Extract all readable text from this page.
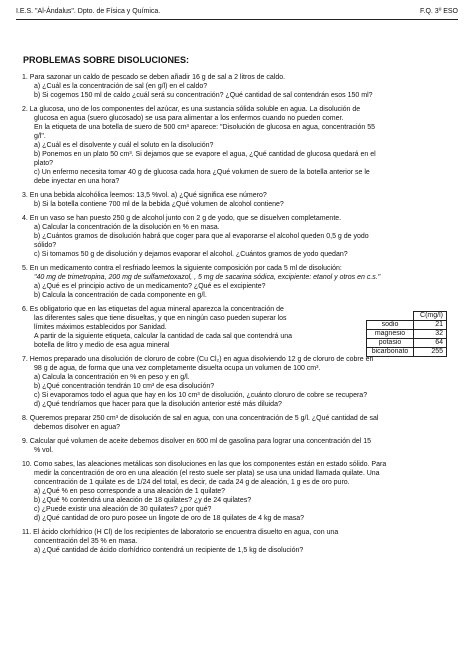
I.E.S. "Al-Ándalus". Dpto. de Física y Química.	F.Q. 3º ESO
PROBLEMAS SOBRE DISOLUCIONES:
1. Para sazonar un caldo de pescado se deben añadir 16 g de sal a 2 litros de caldo.
a) ¿Cuál es la concentración de sal (en g/l) en el caldo?
b) Si cogemos 150 ml de caldo ¿cuál será su concentración? ¿Qué cantidad de sal contendrán esos 150 ml?
2. La glucosa, uno de los componentes del azúcar, es una sustancia sólida soluble en agua. La disolución de
glucosa en agua (suero glucosado) se usa para alimentar a los enfermos cuando no pueden comer.
En la etiqueta de una botella de suero de 500 cm³ aparece: "Disolución de glucosa en agua, concentración 55
g/l".
a) ¿Cuál es el disolvente y cuál el soluto en la disolución?
b) Ponemos en un plato 50 cm³. Si dejamos que se evapore el agua, ¿Qué cantidad de glucosa quedará en el
plato?
c) Un enfermo necesita tomar 40 g de glucosa cada hora ¿Qué volumen de suero de la botella anterior se le
debe inyectar en una hora?
3. En una bebida alcohólica leemos: 13,5 %vol. a) ¿Qué significa ese número?
b) Si la botella contiene 700 ml de la bebida ¿Qué volumen de alcohol contiene?
4. En un vaso se han puesto 250 g de alcohol junto con 2 g de yodo, que se disuelven completamente.
a) Calcular la concentración de la disolución en % en masa.
b) ¿Cuántos gramos de disolución habrá que coger para que al evaporarse el alcohol queden 0,5 g de yodo
sólido?
c) Si tomamos 50 g de disolución y dejamos evaporar el alcohol. ¿Cuántos gramos de yodo quedan?
5. En un medicamento contra el resfriado leemos la siguiente composición por cada 5 ml de disolución:
"40 mg de trimetropina, 200 mg de sulfametoxazol, , 5 mg de sacarina sódica, excipiente: etanol y otros en c.s."
a) ¿Qué es el principio activo de un medicamento? ¿Qué es el excipiente?
b) Calcula la concentración de cada componente en g/l.
6. Es obligatorio que en las etiquetas del agua mineral aparezca la concentración de
las diferentes sales que tiene disueltas, y que en ningún caso pueden superar los
límites máximos establecidos por Sanidad.
A partir de la siguiente etiqueta, calcular la cantidad de cada sal que contendrá una
botella de litro y medio de esa agua mineral
	C(mg/l)
sodio	21
magnesio	32
potasio	64
bicarbonato	255
7. Hemos preparado una disolución de cloruro de cobre (Cu Cl₂) en agua disolviendo 12 g de cloruro de cobre en
98 g de agua, de forma que una vez completamente disuelta ocupa un volumen de 100 cm³.
a) Calcula la concentración en % en peso y en g/l.
b) ¿Qué concentración tendrán 10 cm³ de esa disolución?
c) Si evaporamos todo el agua que hay en los 10 cm³ de disolución, ¿cuánto cloruro de cobre se recupera?
d) ¿Qué tendríamos que hacer para que la disolución anterior esté más diluida?
8. Queremos preparar 250 cm³ de disolución de sal en agua, con una concentración de 5 g/l. ¿Qué cantidad de sal
debemos disolver en agua?
9. Calcular qué volumen de aceite debemos disolver en 600 ml de gasolina para lograr una concentración del 15
% vol.
10. Como sabes, las aleaciones metálicas son disoluciones en las que los componentes están en estado sólido. Para
medir la concentración de oro en una aleación (el resto suele ser plata) se usa una unidad llamada quilate. Una
concentración de 1 quilate es de 1/24 del total, es decir, de cada 24 g de aleación, 1 g es de oro puro.
a) ¿Qué % en peso corresponde a una aleación de 1 quilate?
b) ¿Qué % contendrá una aleación de 18 quilates? ¿y de 24 quilates?
c) ¿Puede existir una aleación de 30 quilates? ¿por qué?
d) ¿Qué cantidad de oro puro posee un lingote de oro de 18 quilates de 4 kg de masa?
11. El ácido clorhídrico (H Cl) de los recipientes de laboratorio se encuentra disuelto en agua, con una
concentración del 35 % en masa.
a) ¿Qué cantidad de ácido clorhídrico contendrá un recipiente de 1,5 kg de disolución?
